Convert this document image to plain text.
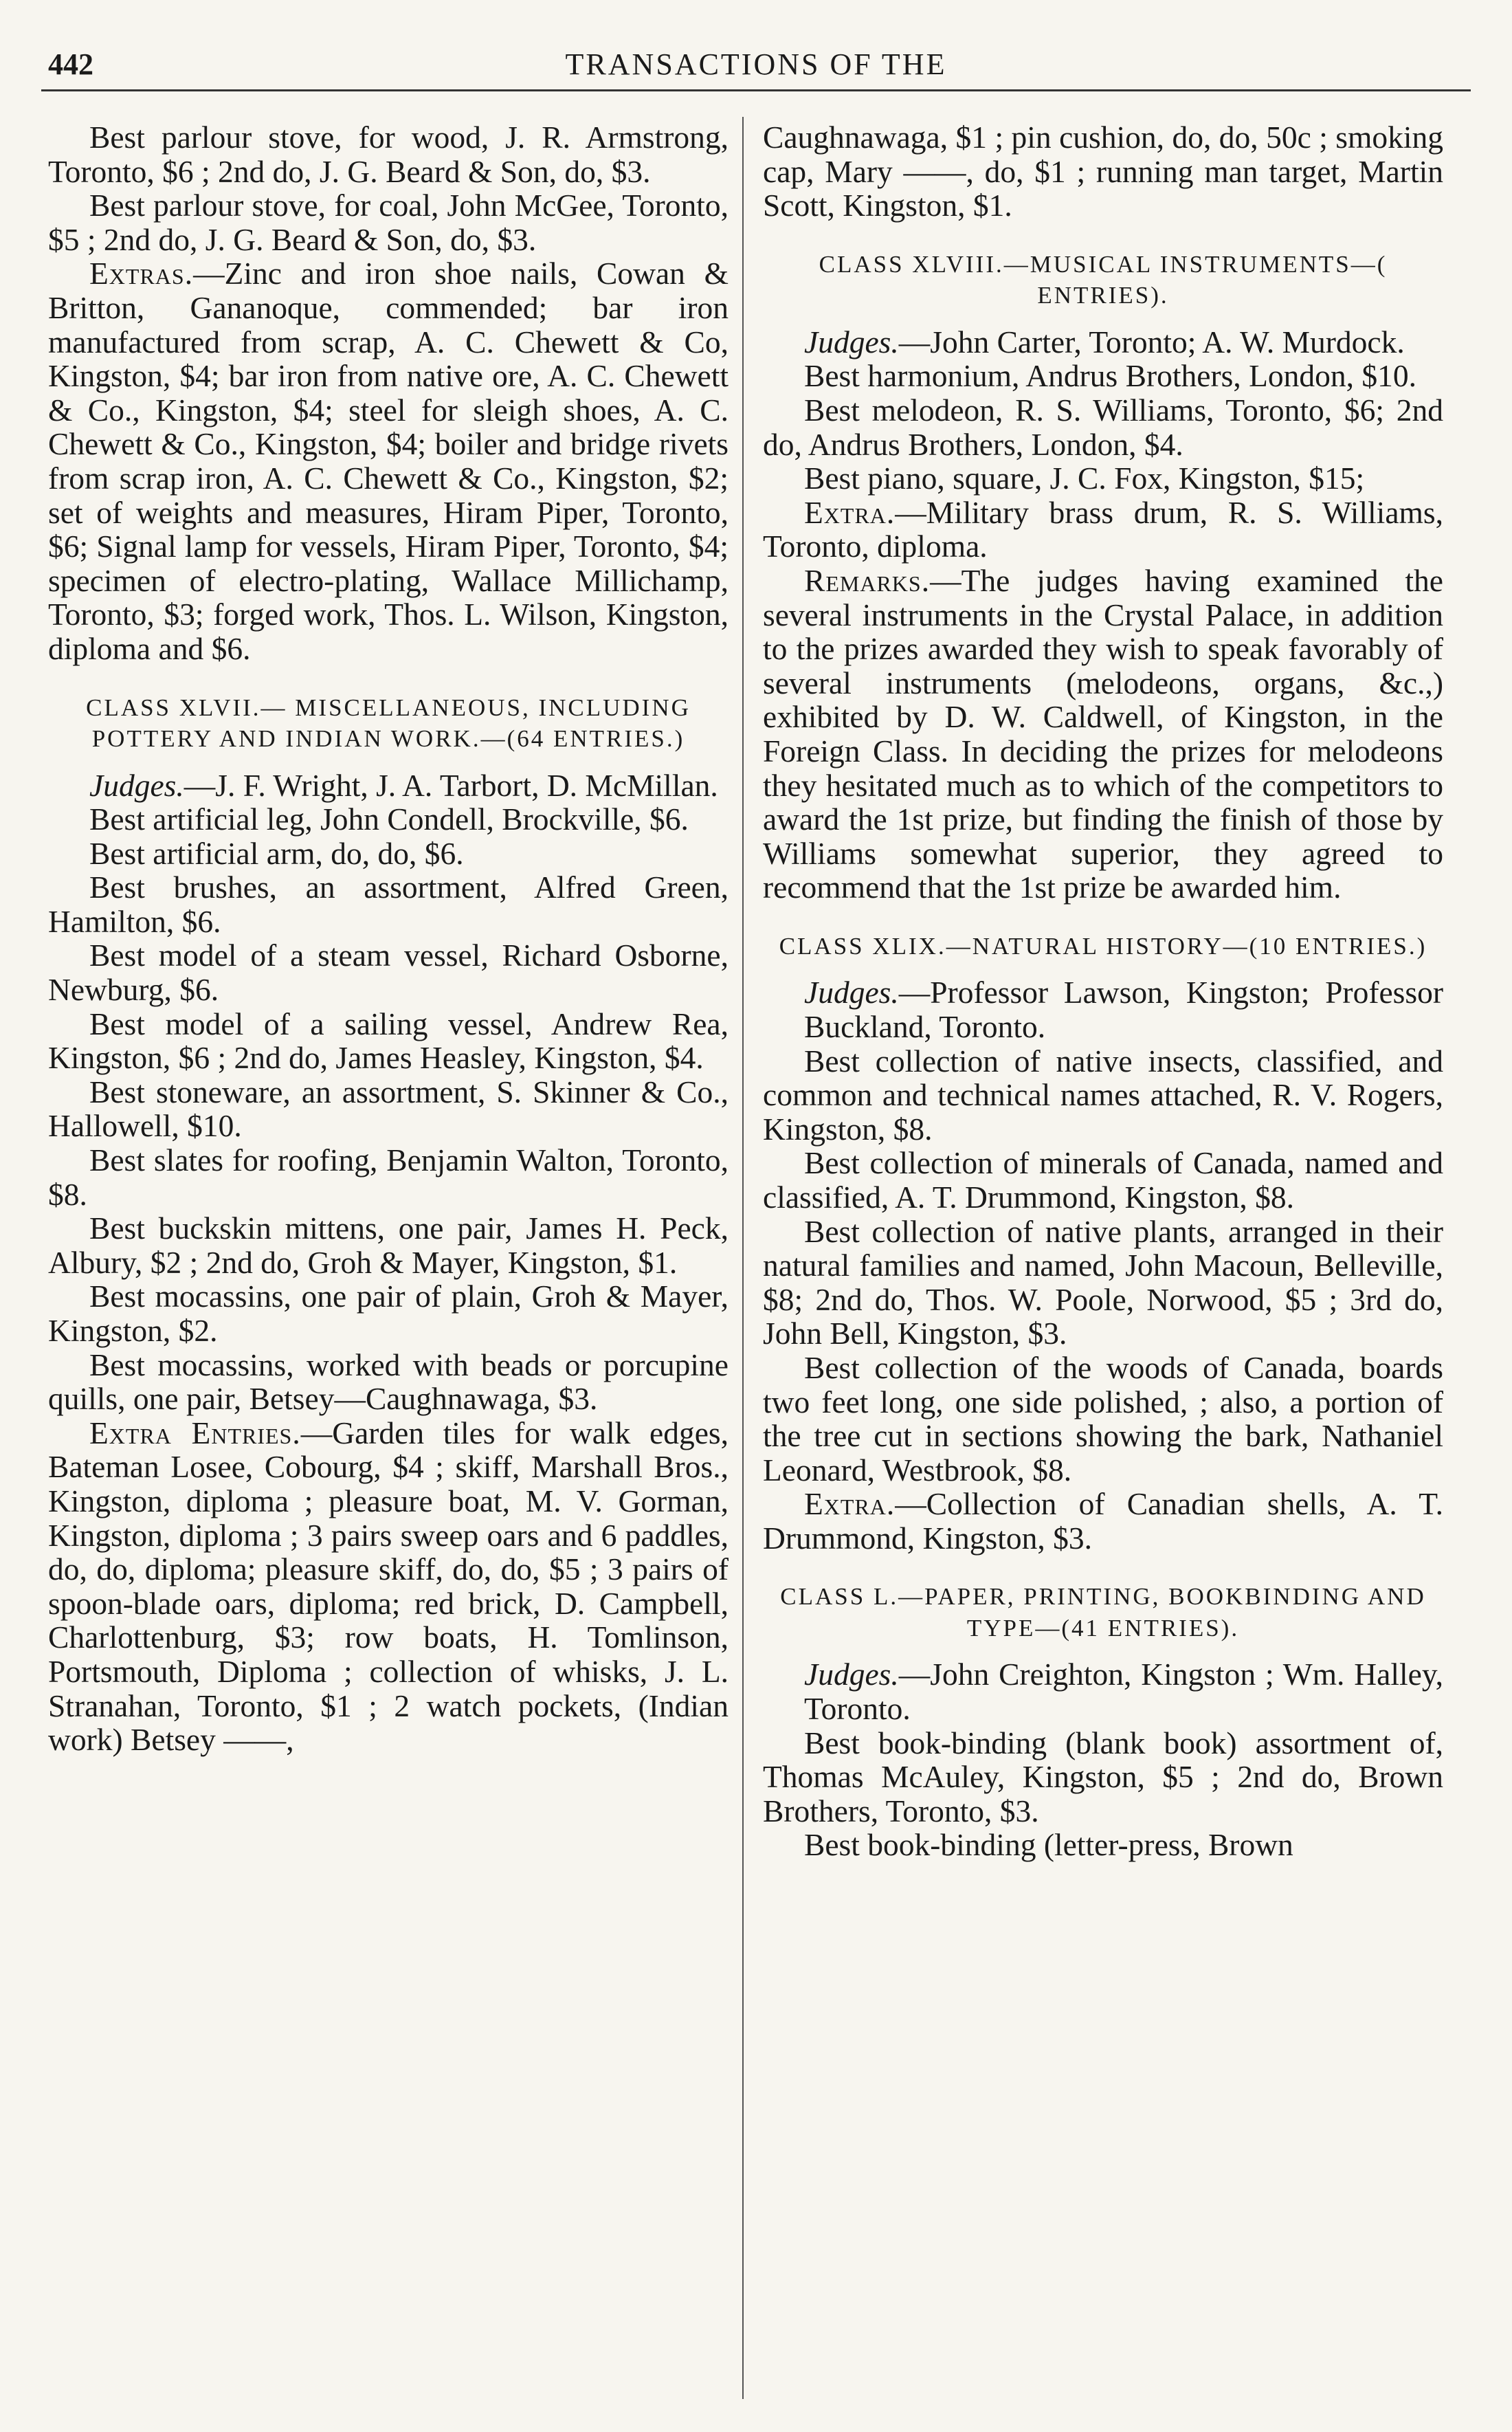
442	TRANSACTIONS OF THE

Best parlour stove, for wood, J. R. Armstrong, Toronto, $6 ; 2nd do, J. G. Beard & Son, do, $3.

Best parlour stove, for coal, John McGee, Toronto, $5 ; 2nd do, J. G. Beard & Son, do, $3.

Extras.—Zinc and iron shoe nails, Cowan & Britton, Gananoque, commended; bar iron manufactured from scrap, A. C. Chewett & Co, Kingston, $4; bar iron from native ore, A. C. Chewett & Co., Kingston, $4; steel for sleigh shoes, A. C. Chewett & Co., Kingston, $4; boiler and bridge rivets from scrap iron, A. C. Chewett & Co., Kingston, $2; set of weights and measures, Hiram Piper, Toronto, $6; Signal lamp for vessels, Hiram Piper, Toronto, $4; specimen of electro-plating, Wallace Millichamp, Toronto, $3; forged work, Thos. L. Wilson, Kingston, diploma and $6.

CLASS XLVII.— MISCELLANEOUS, INCLUDING POTTERY AND INDIAN WORK.—(64 ENTRIES.)

Judges.—J. F. Wright, J. A. Tarbort, D. McMillan.

Best artificial leg, John Condell, Brockville, $6.

Best artificial arm, do, do, $6.

Best brushes, an assortment, Alfred Green, Hamilton, $6.

Best model of a steam vessel, Richard Osborne, Newburg, $6.

Best model of a sailing vessel, Andrew Rea, Kingston, $6 ; 2nd do, James Heasley, Kingston, $4.

Best stoneware, an assortment, S. Skinner & Co., Hallowell, $10.

Best slates for roofing, Benjamin Walton, Toronto, $8.

Best buckskin mittens, one pair, James H. Peck, Albury, $2 ; 2nd do, Groh & Mayer, Kingston, $1.

Best mocassins, one pair of plain, Groh & Mayer, Kingston, $2.

Best mocassins, worked with beads or porcupine quills, one pair, Betsey—Caughnawaga, $3.

Extra Entries.—Garden tiles for walk edges, Bateman Losee, Cobourg, $4 ; skiff, Marshall Bros., Kingston, diploma ; pleasure boat, M. V. Gorman, Kingston, diploma ; 3 pairs sweep oars and 6 paddles, do, do, diploma; pleasure skiff, do, do, $5 ; 3 pairs of spoon-blade oars, diploma; red brick, D. Campbell, Charlottenburg, $3; row boats, H. Tomlinson, Portsmouth, Diploma ; collection of whisks, J. L. Stranahan, Toronto, $1 ; 2 watch pockets, (Indian work) Betsey ——,

Caughnawaga, $1 ; pin cushion, do, do, 50c ; smoking cap, Mary ——, do, $1 ; running man target, Martin Scott, Kingston, $1.

CLASS XLVIII.—MUSICAL INSTRUMENTS—( ENTRIES).

Judges.—John Carter, Toronto; A. W. Murdock.

Best harmonium, Andrus Brothers, London, $10.

Best melodeon, R. S. Williams, Toronto, $6; 2nd do, Andrus Brothers, London, $4.

Best piano, square, J. C. Fox, Kingston, $15;

Extra.—Military brass drum, R. S. Williams, Toronto, diploma.

Remarks.—The judges having examined the several instruments in the Crystal Palace, in addition to the prizes awarded they wish to speak favorably of several instruments (melodeons, organs, &c.,) exhibited by D. W. Caldwell, of Kingston, in the Foreign Class. In deciding the prizes for melodeons they hesitated much as to which of the competitors to award the 1st prize, but finding the finish of those by Williams somewhat superior, they agreed to recommend that the 1st prize be awarded him.

CLASS XLIX.—NATURAL HISTORY—(10 ENTRIES.)

Judges.—Professor Lawson, Kingston; Professor Buckland, Toronto.

Best collection of native insects, classified, and common and technical names attached, R. V. Rogers, Kingston, $8.

Best collection of minerals of Canada, named and classified, A. T. Drummond, Kingston, $8.

Best collection of native plants, arranged in their natural families and named, John Macoun, Belleville, $8; 2nd do, Thos. W. Poole, Norwood, $5 ; 3rd do, John Bell, Kingston, $3.

Best collection of the woods of Canada, boards two feet long, one side polished, ; also, a portion of the tree cut in sections showing the bark, Nathaniel Leonard, Westbrook, $8.

Extra.—Collection of Canadian shells, A. T. Drummond, Kingston, $3.

CLASS L.—PAPER, PRINTING, BOOKBINDING AND TYPE—(41 ENTRIES).

Judges.—John Creighton, Kingston ; Wm. Halley, Toronto.

Best book-binding (blank book) assortment of, Thomas McAuley, Kingston, $5 ; 2nd do, Brown Brothers, Toronto, $3.

Best book-binding (letter-press, Brown
